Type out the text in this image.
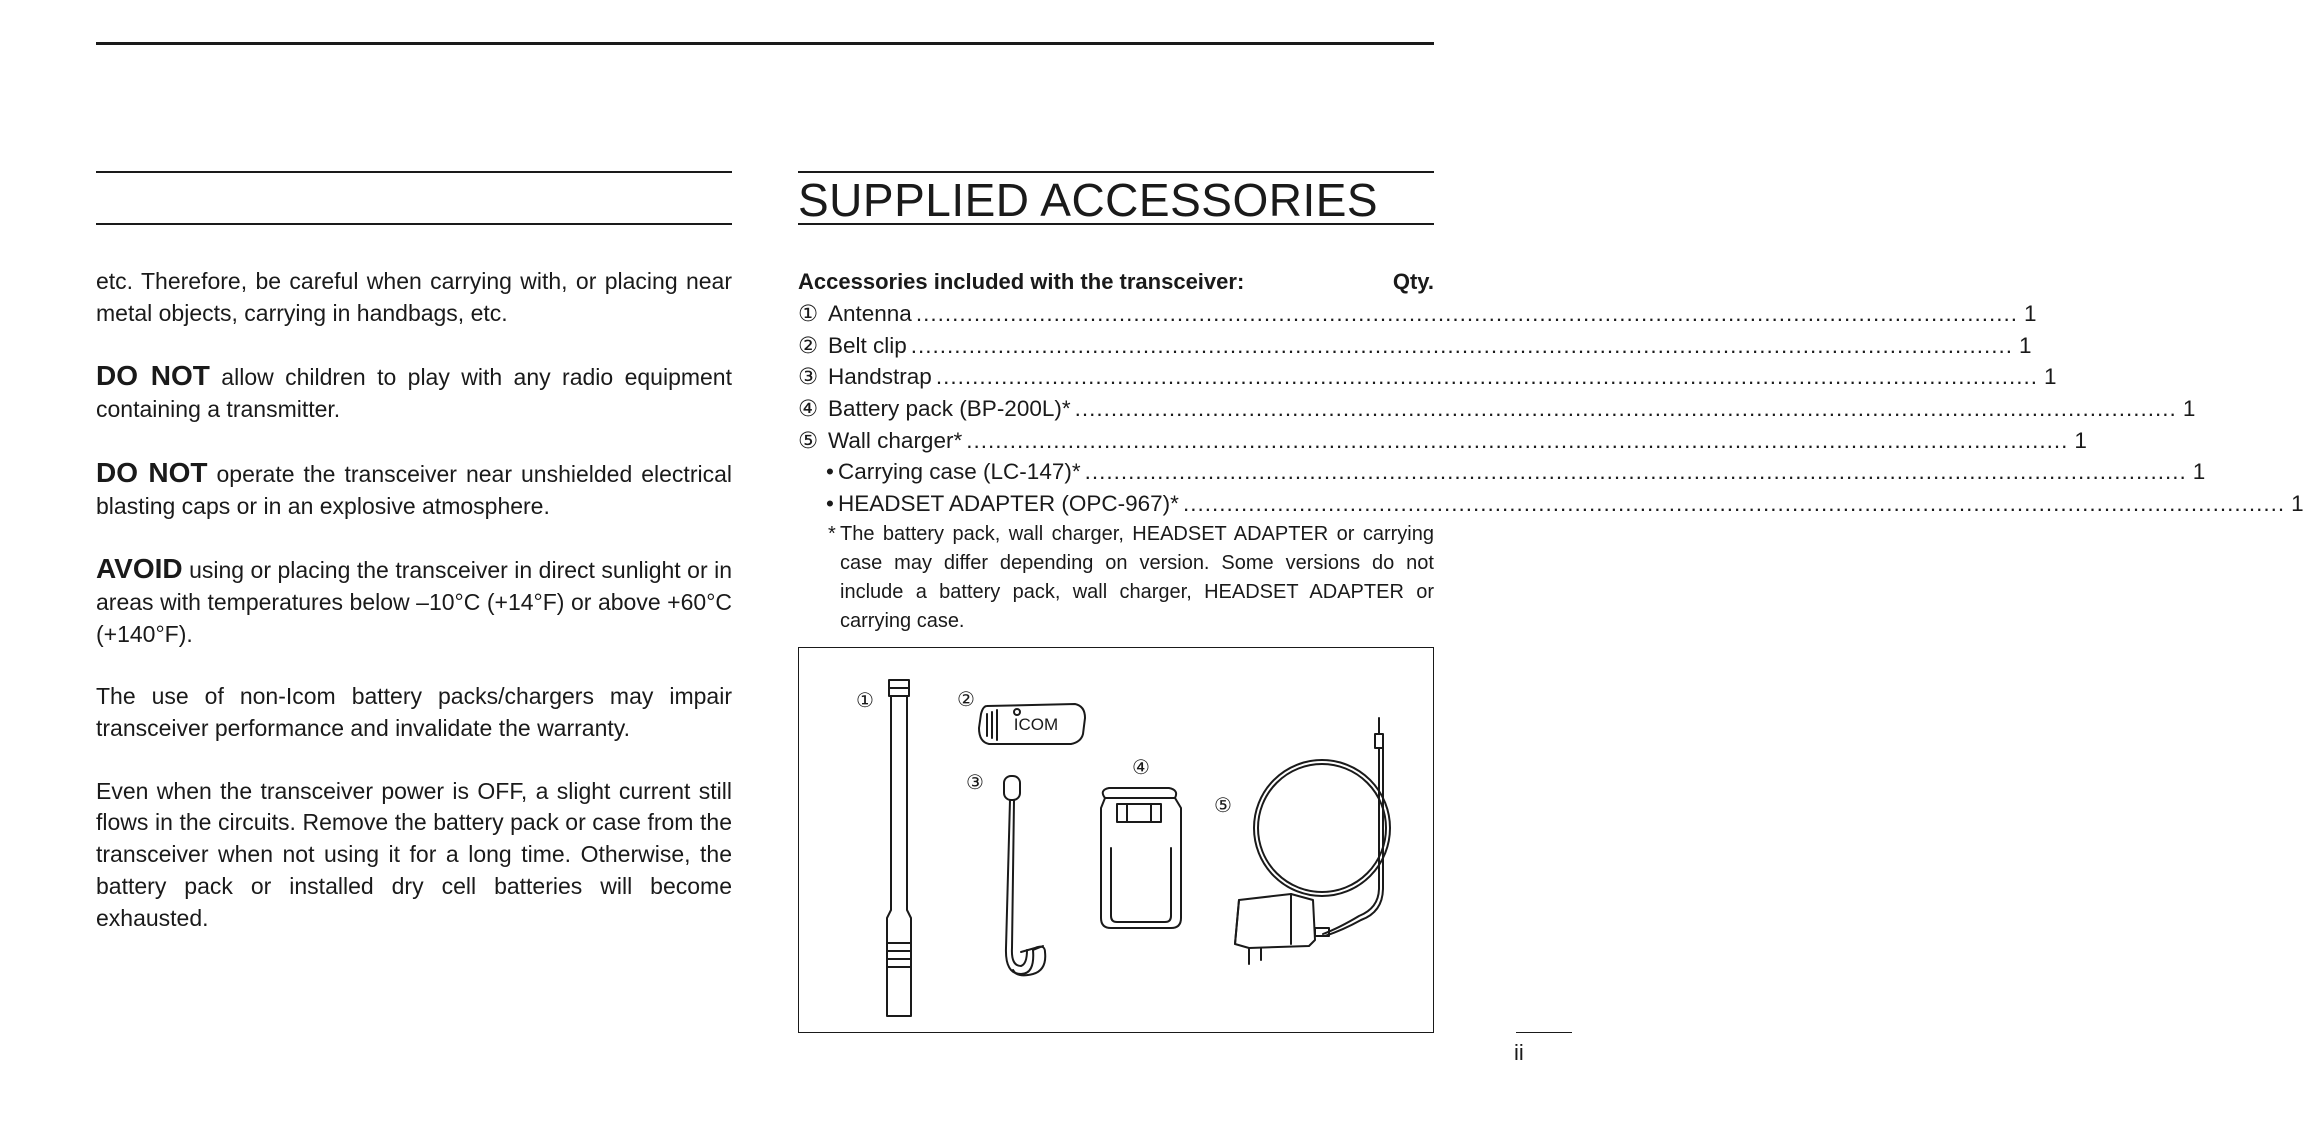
etc. Therefore, be careful when carrying with, or placing near metal objects, carrying in handbags, etc.

DO NOT allow children to play with any radio equipment containing a transmitter.

DO NOT operate the transceiver near unshielded electrical blasting caps or in an explosive atmosphere.

AVOID using or placing the transceiver in direct sunlight or in areas with temperatures below –10°C (+14°F) or above +60°C (+140°F).

The use of non-Icom battery packs/chargers may impair transceiver performance and invalidate the warranty.

Even when the transceiver power is OFF, a slight current still flows in the circuits. Remove the battery pack or case from the transceiver when not using it for a long time. Otherwise, the battery pack or installed dry cell batteries will become exhausted.

SUPPLIED ACCESSORIES
Accessories included with the transceiver:	Qty.
① Antenna ........................................................................................................................................................ 1
② Belt clip ........................................................................................................................................................ 1
③ Handstrap ........................................................................................................................................................ 1
④ Battery pack (BP-200L)* ........................................................................................................................................................ 1
⑤ Wall charger* ........................................................................................................................................................ 1
• Carrying case (LC-147)* ........................................................................................................................................................ 1
• HEADSET ADAPTER (OPC-967)* ........................................................................................................................................................ 1
* The battery pack, wall charger, HEADSET ADAPTER or carrying case may differ depending on version. Some versions do not include a battery pack, wall charger, HEADSET ADAPTER or carrying case.
①	②
③
④
⑤
ICOM
ii
